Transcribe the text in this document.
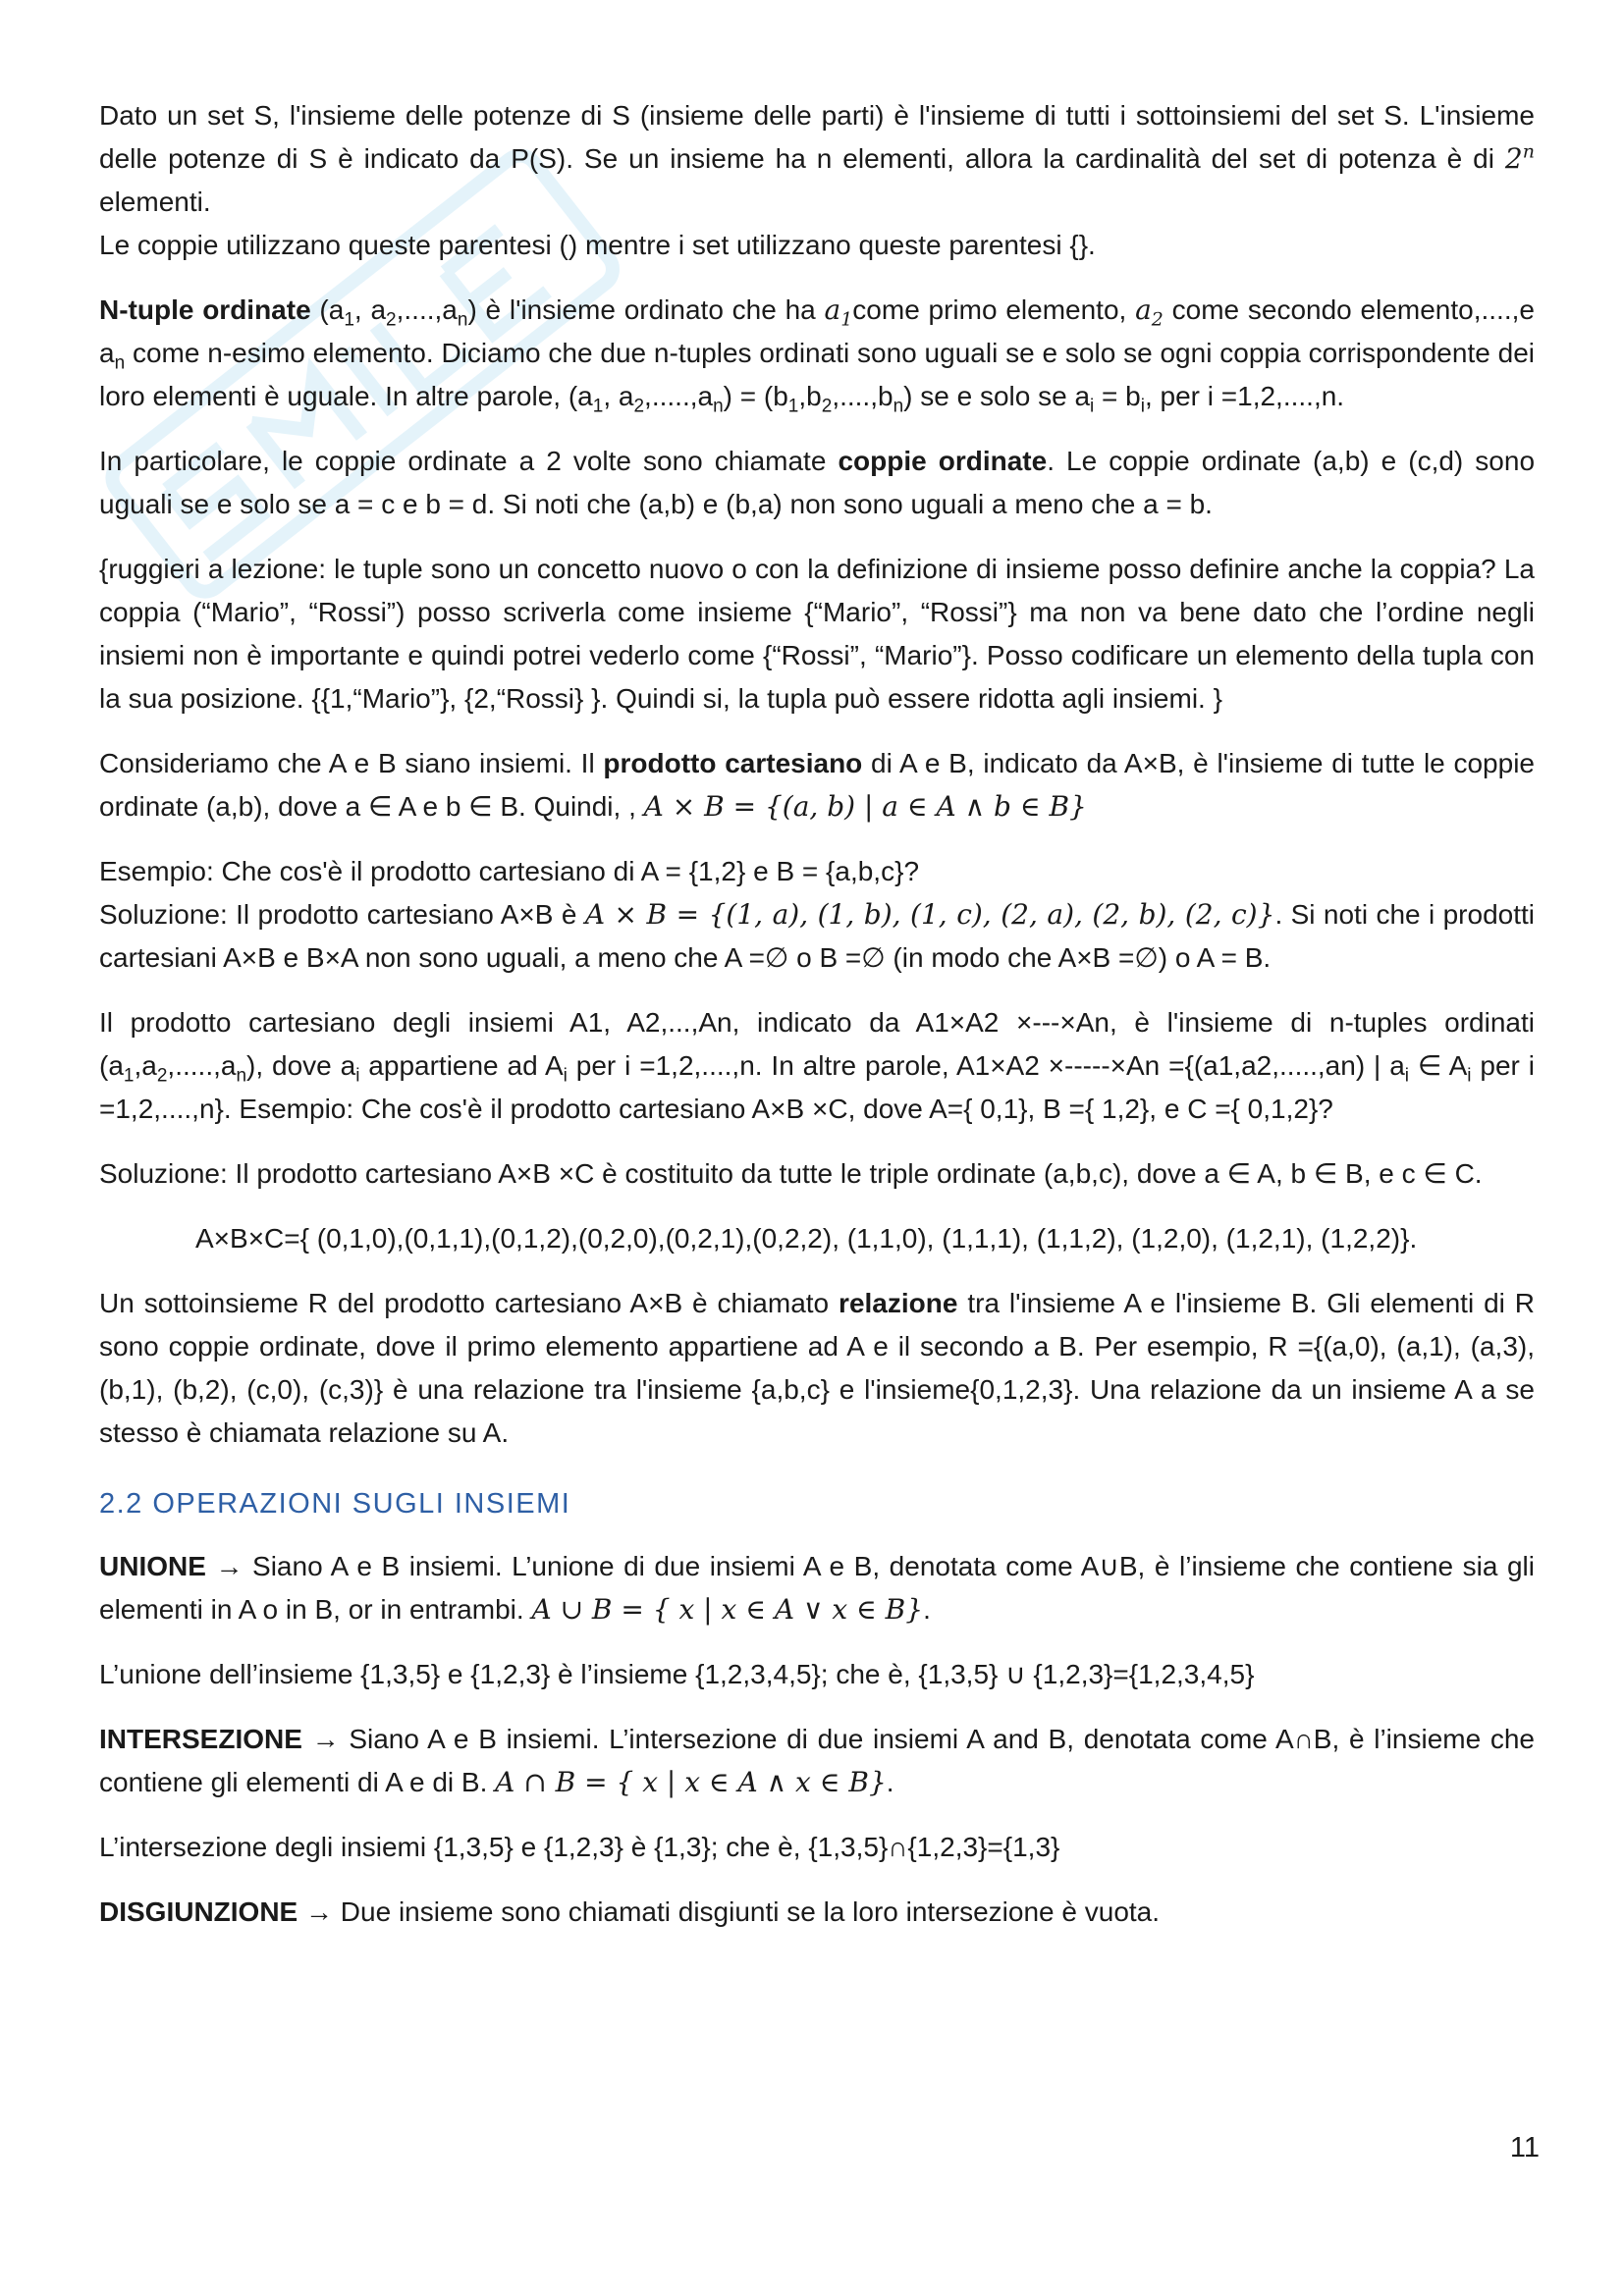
Dato un set S, l'insieme delle potenze di S (insieme delle parti) è l'insieme di tutti i sottoinsiemi del set S. L'insieme delle potenze di S è indicato da P(S). Se un insieme ha n elementi, allora la cardinalità del set di potenza è di 2$^n$ elementi.

Le coppie utilizzano queste parentesi () mentre i set utilizzano queste parentesi {}.

N-tuple ordinate ($a_1$, $a_2,....,a_n$) è l'insieme ordinato che ha $a_1come$ primo elemento, $a_2$ come secondo elemento,....,e $a_n$ come n-esimo elemento. Diciamo che due n-tuples ordinati sono uguali se e solo se ogni coppia corrispondente dei loro elementi è uguale. In altre parole, ($a_1$, $a_2,.....,a_n) = (b_1,b_2,....,b_n)$ se e solo se $a_i = b_i$, per i =1,2,....,n.

In particolare, le coppie ordinate a 2 volte sono chiamate coppie ordinate. Le coppie ordinate (a,b) e (c,d) sono uguali se e solo se a = c e b = d. Si noti che (a,b) e (b,a) non sono uguali a meno che a = b.

{ruggieri a lezione: le tuple sono un concetto nuovo o con la definizione di insieme posso definire anche la coppia? La coppia (“Mario”, “Rossi”) posso scriverla come insieme {“Mario”, “Rossi”} ma non va bene dato che l’ordine negli insiemi non è importante e quindi potrei vederlo come {“Rossi”, “Mario”}. Posso codificare un elemento della tupla con la sua posizione. {{1,“Mario”}, {2,“Rossi} }. Quindi si, la tupla può essere ridotta agli insiemi. }

Consideriamo che A e B siano insiemi. Il prodotto cartesiano di A e B, indicato da A×B, è l'insieme di tutte le coppie ordinate (a,b), dove a ∈ A e b ∈ B. Quindi, , A × B = {(a, b) | a ∈ A ∧ b ∈ B}

Esempio: Che cos'è il prodotto cartesiano di A = {1,2} e B = {a,b,c}?

Soluzione: Il prodotto cartesiano A×B è A × B = {(1, a), (1, b), (1, c), (2, a), (2, b), (2, c)}. Si noti che i prodotti cartesiani A×B e B×A non sono uguali, a meno che A =∅ o B =∅ (in modo che A×B =∅) o A = B.

Il prodotto cartesiano degli insiemi A1, A2,...,An, indicato da A1×A2 ×---×An, è l'insieme di n-tuples ordinati $(a_1,a_2,.....,a_n)$, dove $a_i$ appartiene ad $A_i$ per i =1,2,....,n. In altre parole, A1×A2 ×-----×An ={(a1,a2,.....,an) | $a_i$ ∈ $A_i$ per i =1,2,....,n}. Esempio: Che cos'è il prodotto cartesiano A×B ×C, dove A={ 0,1}, B ={ 1,2}, e C ={ 0,1,2}?

Soluzione: Il prodotto cartesiano A×B ×C è costituito da tutte le triple ordinate (a,b,c), dove a ∈ A, b ∈ B, e c ∈ C.

A×B×C={ (0,1,0),(0,1,1),(0,1,2),(0,2,0),(0,2,1),(0,2,2), (1,1,0), (1,1,1), (1,1,2), (1,2,0), (1,2,1), (1,2,2)}.

Un sottoinsieme R del prodotto cartesiano A×B è chiamato relazione tra l'insieme A e l'insieme B. Gli elementi di R sono coppie ordinate, dove il primo elemento appartiene ad A e il secondo a B. Per esempio, R ={(a,0), (a,1), (a,3), (b,1), (b,2), (c,0), (c,3)} è una relazione tra l'insieme {a,b,c} e l'insieme{0,1,2,3}. Una relazione da un insieme A a se stesso è chiamata relazione su A.

2.2 OPERAZIONI SUGLI INSIEMI

UNIONE → Siano A e B insiemi. L’unione di due insiemi A e B, denotata come A∪B, è l’insieme che contiene sia gli elementi in A o in B, or in entrambi. A ∪ B = { x | x ∈ A ∨ x ∈ B}.

L’unione dell’insieme {1,3,5} e {1,2,3} è l’insieme {1,2,3,4,5}; che è, {1,3,5} ∪ {1,2,3}={1,2,3,4,5}

INTERSEZIONE → Siano A e B insiemi. L’intersezione di due insiemi A and B, denotata come A∩B, è l’insieme che contiene gli elementi di A e di B. A ∩ B = { x | x ∈ A ∧ x ∈ B}.

L’intersezione degli insiemi {1,3,5} e {1,2,3} è {1,3}; che è, {1,3,5}∩{1,2,3}={1,3}

DISGIUNZIONE → Due insieme sono chiamati disgiunti se la loro intersezione è vuota.

11
